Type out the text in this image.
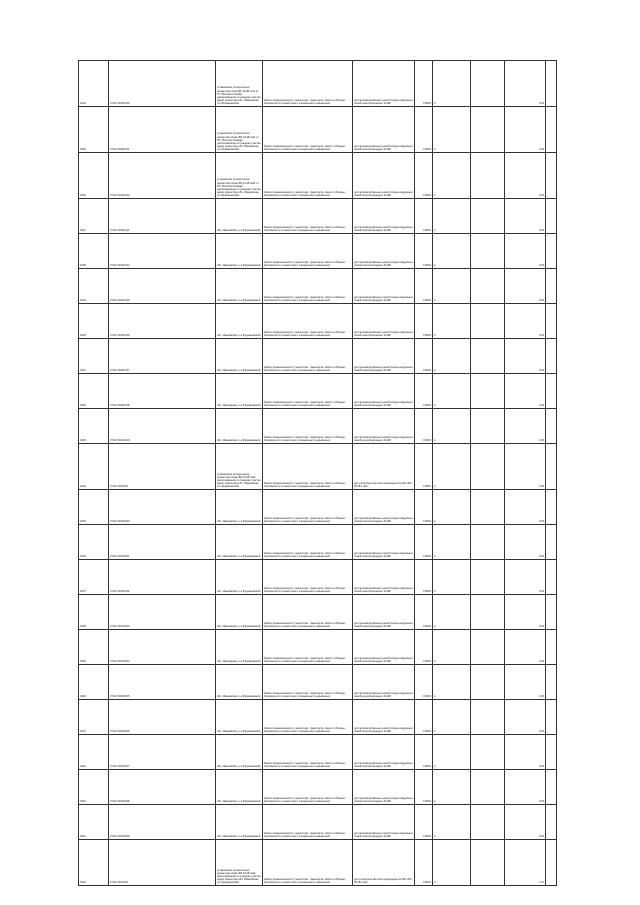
1024	37:01:010443:40	установлено относительно ориентира опора ВЛ 10 кВ №11 от ТС "Богатая Хлыбда", расположенного в границах участка адрес ориентира обл. Ивановская, р-н Фурмановский	Земли промышленности, энергетики, транспорта, связи и обороны, безопасности и земли иного специального назначения	для производственных целей (опоры воздушных линий электропередачи 10 кВ)	0.0004	4		0.23		
1025	37:01:010443:41	установлено относительно ориентира опоры ВЛ 10 кВ №11 от ПС "Богатая Хлыбда", расположенного в границах участка адрес ориентира обл. Ивановская, р-н Фурмановский	Земли промышленности, энергетики, транспорта, связи и обороны, безопасности и земли иного специального назначения	для производственных целей (опоры воздушных линий электропередачи 10 кВ)	0.0004	4		0.23		
1026	37:01:010443:42	установлено относительно ориентира опоры ВЛ 10 кВ №11 от ПС "Богатая Хлыбда", расположенного в границах участка адрес ориентира обл. Ивановская, р-н Фурмановский	Земли промышленности, энергетики, транспорта, связи и обороны, безопасности и земли иного специального назначения	для производственных целей (опоры воздушных линий электропередачи 10 кВ)	0.0004	4		0.23		
1027	37:01:010443:43	обл. Ивановская, р-н Фурмановский	Земли промышленности, энергетики, транспорта, связи и обороны, безопасности и земли иного специального назначения	для производственных целей (опоры воздушных линий электропередачи 10 кВ)	0.0004	4		0.23		
1028	37:01:010443:44	обл. Ивановская, р-н Фурмановский	Земли промышленности, энергетики, транспорта, связи и обороны, безопасности и земли иного специального назначения	для производственных целей (опоры воздушных линий электропередачи 10 кВ)	0.0004	4		0.23		
1029	37:01:010443:45	обл. Ивановская, р-н Фурмановский	Земли промышленности, энергетики, транспорта, связи и обороны, безопасности и земли иного специального назначения	для производственных целей (опоры воздушных линий электропередачи 10 кВ)	0.0004	4		0.23		
1030	37:01:010443:46	обл. Ивановская, р-н Фурмановский	Земли промышленности, энергетики, транспорта, связи и обороны, безопасности и земли иного специального назначения	для производственных целей (опоры воздушных линий электропередачи 10 кВ)	0.0004	4		0.23		
1031	37:01:010443:47	обл. Ивановская, р-н Фурмановский	Земли промышленности, энергетики, транспорта, связи и обороны, безопасности и земли иного специального назначения	для производственных целей (опоры воздушных линий электропередачи 10 кВ)	0.0004	4		0.23		
1032	37:01:010443:48	обл. Ивановская, р-н Фурмановский	Земли промышленности, энергетики, транспорта, связи и обороны, безопасности и земли иного специального назначения	для производственных целей (опоры воздушных линий электропередачи 10 кВ)	0.0004	4		0.23		
1033	37:01:010443:49	обл. Ивановская, р-н Фурмановский	Земли промышленности, энергетики, транспорта, связи и обороны, безопасности и земли иного специального назначения	для производственных целей (опоры воздушных линий электропередачи 10 кВ)	0.0004	4		0.23		
1034	37:01:010443:5	установлено относительно ориентира опоры ВЛ 10 кВ №11, расположенного в границах участка адрес ориентира обл. Ивановская, р-н Фурмановский	Земли промышленности, энергетики, транспорта, связи и обороны, безопасности и земли иного специального назначения	для строительства электропередачи 10 кВ и ВЛ 35 кВ к ней	0.0007	4		0.40		
1035	37:01:010443:50	обл. Ивановская, р-н Фурмановский	Земли промышленности, энергетики, транспорта, связи и обороны, безопасности и земли иного специального назначения	для производственных целей (опоры воздушных линий электропередачи 10 кВ)	0.0004	4		0.23		
1036	37:01:010443:51	обл. Ивановская, р-н Фурмановский	Земли промышленности, энергетики, транспорта, связи и обороны, безопасности и земли иного специального назначения	для производственных целей (опоры воздушных линий электропередачи 10 кВ)	0.0004	4		0.23		
1037	37:01:010443:52	обл. Ивановская, р-н Фурмановский	Земли промышленности, энергетики, транспорта, связи и обороны, безопасности и земли иного специального назначения	для производственных целей (опоры воздушных линий электропередачи 10 кВ)	0.0004	4		0.23		
1038	37:01:010443:53	обл. Ивановская, р-н Фурмановский	Земли промышленности, энергетики, транспорта, связи и обороны, безопасности и земли иного специального назначения	для производственных целей (опоры воздушных линий электропередачи 10 кВ)	0.0004	4		0.23		
1039	37:01:010443:54	обл. Ивановская, р-н Фурмановский	Земли промышленности, энергетики, транспорта, связи и обороны, безопасности и земли иного специального назначения	для производственных целей (опоры воздушных линий электропередачи 10 кВ)	0.0004	4		0.23		
1040	37:01:010443:55	обл. Ивановская, р-н Фурмановский	Земли промышленности, энергетики, транспорта, связи и обороны, безопасности и земли иного специального назначения	для производственных целей (опоры воздушных линий электропередачи 10 кВ)	0.0004	4		0.23		
1041	37:01:010443:56	обл. Ивановская, р-н Фурмановский	Земли промышленности, энергетики, транспорта, связи и обороны, безопасности и земли иного специального назначения	для производственных целей (опоры воздушных линий электропередачи 10 кВ)	0.0004	4		0.23		
1042	37:01:010443:57	обл. Ивановская, р-н Фурмановский	Земли промышленности, энергетики, транспорта, связи и обороны, безопасности и земли иного специального назначения	для производственных целей (опоры воздушных линий электропередачи 10 кВ)	0.0004	4		0.23		
1043	37:01:010443:58	обл. Ивановская, р-н Фурмановский	Земли промышленности, энергетики, транспорта, связи и обороны, безопасности и земли иного специального назначения	для производственных целей (опоры воздушных линий электропередачи 10 кВ)	0.0004	4		0.23		
1044	37:01:010443:59	обл. Ивановская, р-н Фурмановский	Земли промышленности, энергетики, транспорта, связи и обороны, безопасности и земли иного специального назначения	для производственных целей (опоры воздушных линий электропередачи 10 кВ)	0.0004	4		0.23		
1045	37:01:010443:6	установлено относительно ориентира опоры ВЛ 10 кВ №11, расположенного в границах участка адрес ориентира обл. Ивановская, р-н Фурмановский	Земли промышленности, энергетики, транспорта, связи и обороны, безопасности и земли иного специального назначения	для строительства электропередачи 10 кВ и ВЛ 35 кВ к ней	0.0024	4		1.37		
